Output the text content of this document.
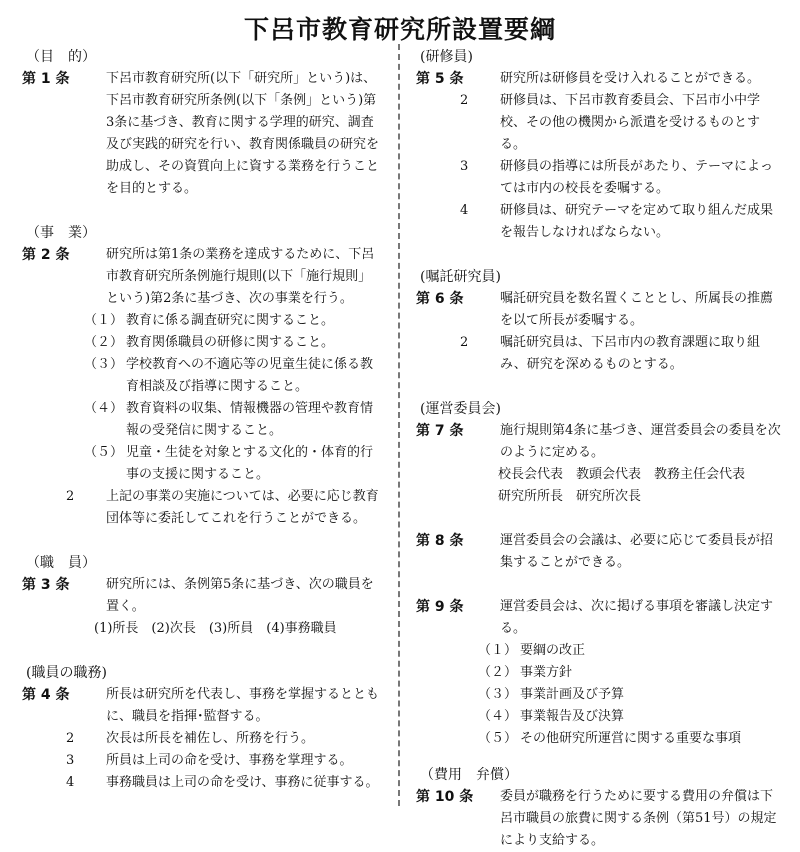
下呂市教育研究所設置要綱

（目　的）

第 1 条	下呂市教育研究所(以下「研究所」という)は、下呂市教育研究所条例(以下「条例」という)第3条に基づき、教育に関する学理的研究、調査及び実践的研究を行い、教育関係職員の研究を助成し、その資質向上に資する業務を行うことを目的とする。

（事　業）

第 2 条	研究所は第1条の業務を達成するために、下呂市教育研究所条例施行規則(以下「施行規則」という)第2条に基づき、次の事業を行う。

（１） 教育に係る調査研究に関すること。

（２） 教育関係職員の研修に関すること。

（３） 学校教育への不適応等の児童生徒に係る教育相談及び指導に関すること。

（４） 教育資料の収集、情報機器の管理や教育情報の受発信に関すること。

（５） 児童・生徒を対象とする文化的・体育的行事の支援に関すること。

2 上記の事業の実施については、必要に応じ教育団体等に委託してこれを行うことができる。

（職　員）

第 3 条	研究所には、条例第5条に基づき、次の職員を置く。

(1)所長　(2)次長　(3)所員　(4)事務職員

(職員の職務)

第 4 条	所長は研究所を代表し、事務を掌握するとともに、職員を指揮･監督する。

2 次長は所長を補佐し、所務を行う。

3 所員は上司の命を受け、事務を掌理する。

4 事務職員は上司の命を受け、事務に従事する。

(研修員)

第 5 条	研究所は研修員を受け入れることができる。

2 研修員は、下呂市教育委員会、下呂市小中学校、その他の機関から派遣を受けるものとする。

3 研修員の指導には所長があたり、テーマによっては市内の校長を委嘱する。

4 研修員は、研究テーマを定めて取り組んだ成果を報告しなければならない。

(嘱託研究員)

第 6 条	嘱託研究員を数名置くこととし、所属長の推薦を以て所長が委嘱する。

2 嘱託研究員は、下呂市内の教育課題に取り組み、研究を深めるものとする。

(運営委員会)

第 7 条	施行規則第4条に基づき、運営委員会の委員を次のように定める。

校長会代表　教頭会代表　教務主任会代表

研究所所長　研究所次長

第 8 条	運営委員会の会議は、必要に応じて委員長が招集することができる。

第 9 条	運営委員会は、次に掲げる事項を審議し決定する。

（１） 要綱の改正

（２） 事業方針

（３） 事業計画及び予算

（４） 事業報告及び決算

（５） その他研究所運営に関する重要な事項

（費用　弁償）

第 10 条 委員が職務を行うために要する費用の弁償は下呂市職員の旅費に関する条例（第51号）の規定により支給する。
